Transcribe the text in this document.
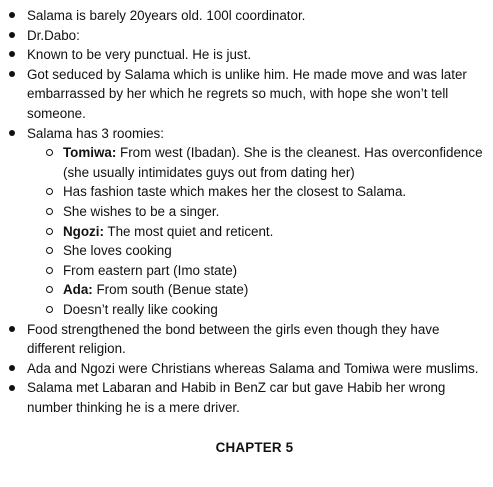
Salama is barely 20years old. 100l coordinator.
Dr.Dabo:
Known to be very punctual. He is just.
Got seduced by Salama which is unlike him. He made move and was later embarrassed by her which he regrets so much, with hope she won’t tell someone.
Salama has 3 roomies:
Tomiwa: From west (Ibadan). She is the cleanest. Has overconfidence (she usually intimidates guys out from dating her)
Has fashion taste which makes her the closest to Salama.
She wishes to be a singer.
Ngozi: The most quiet and reticent.
She loves cooking
From eastern part (Imo state)
Ada: From south (Benue state)
Doesn’t really like cooking
Food strengthened the bond between the girls even though they have different religion.
Ada and Ngozi were Christians whereas Salama and Tomiwa were muslims.
Salama met Labaran and Habib in BenZ car but gave Habib her wrong number thinking he is a mere driver.
CHAPTER 5
